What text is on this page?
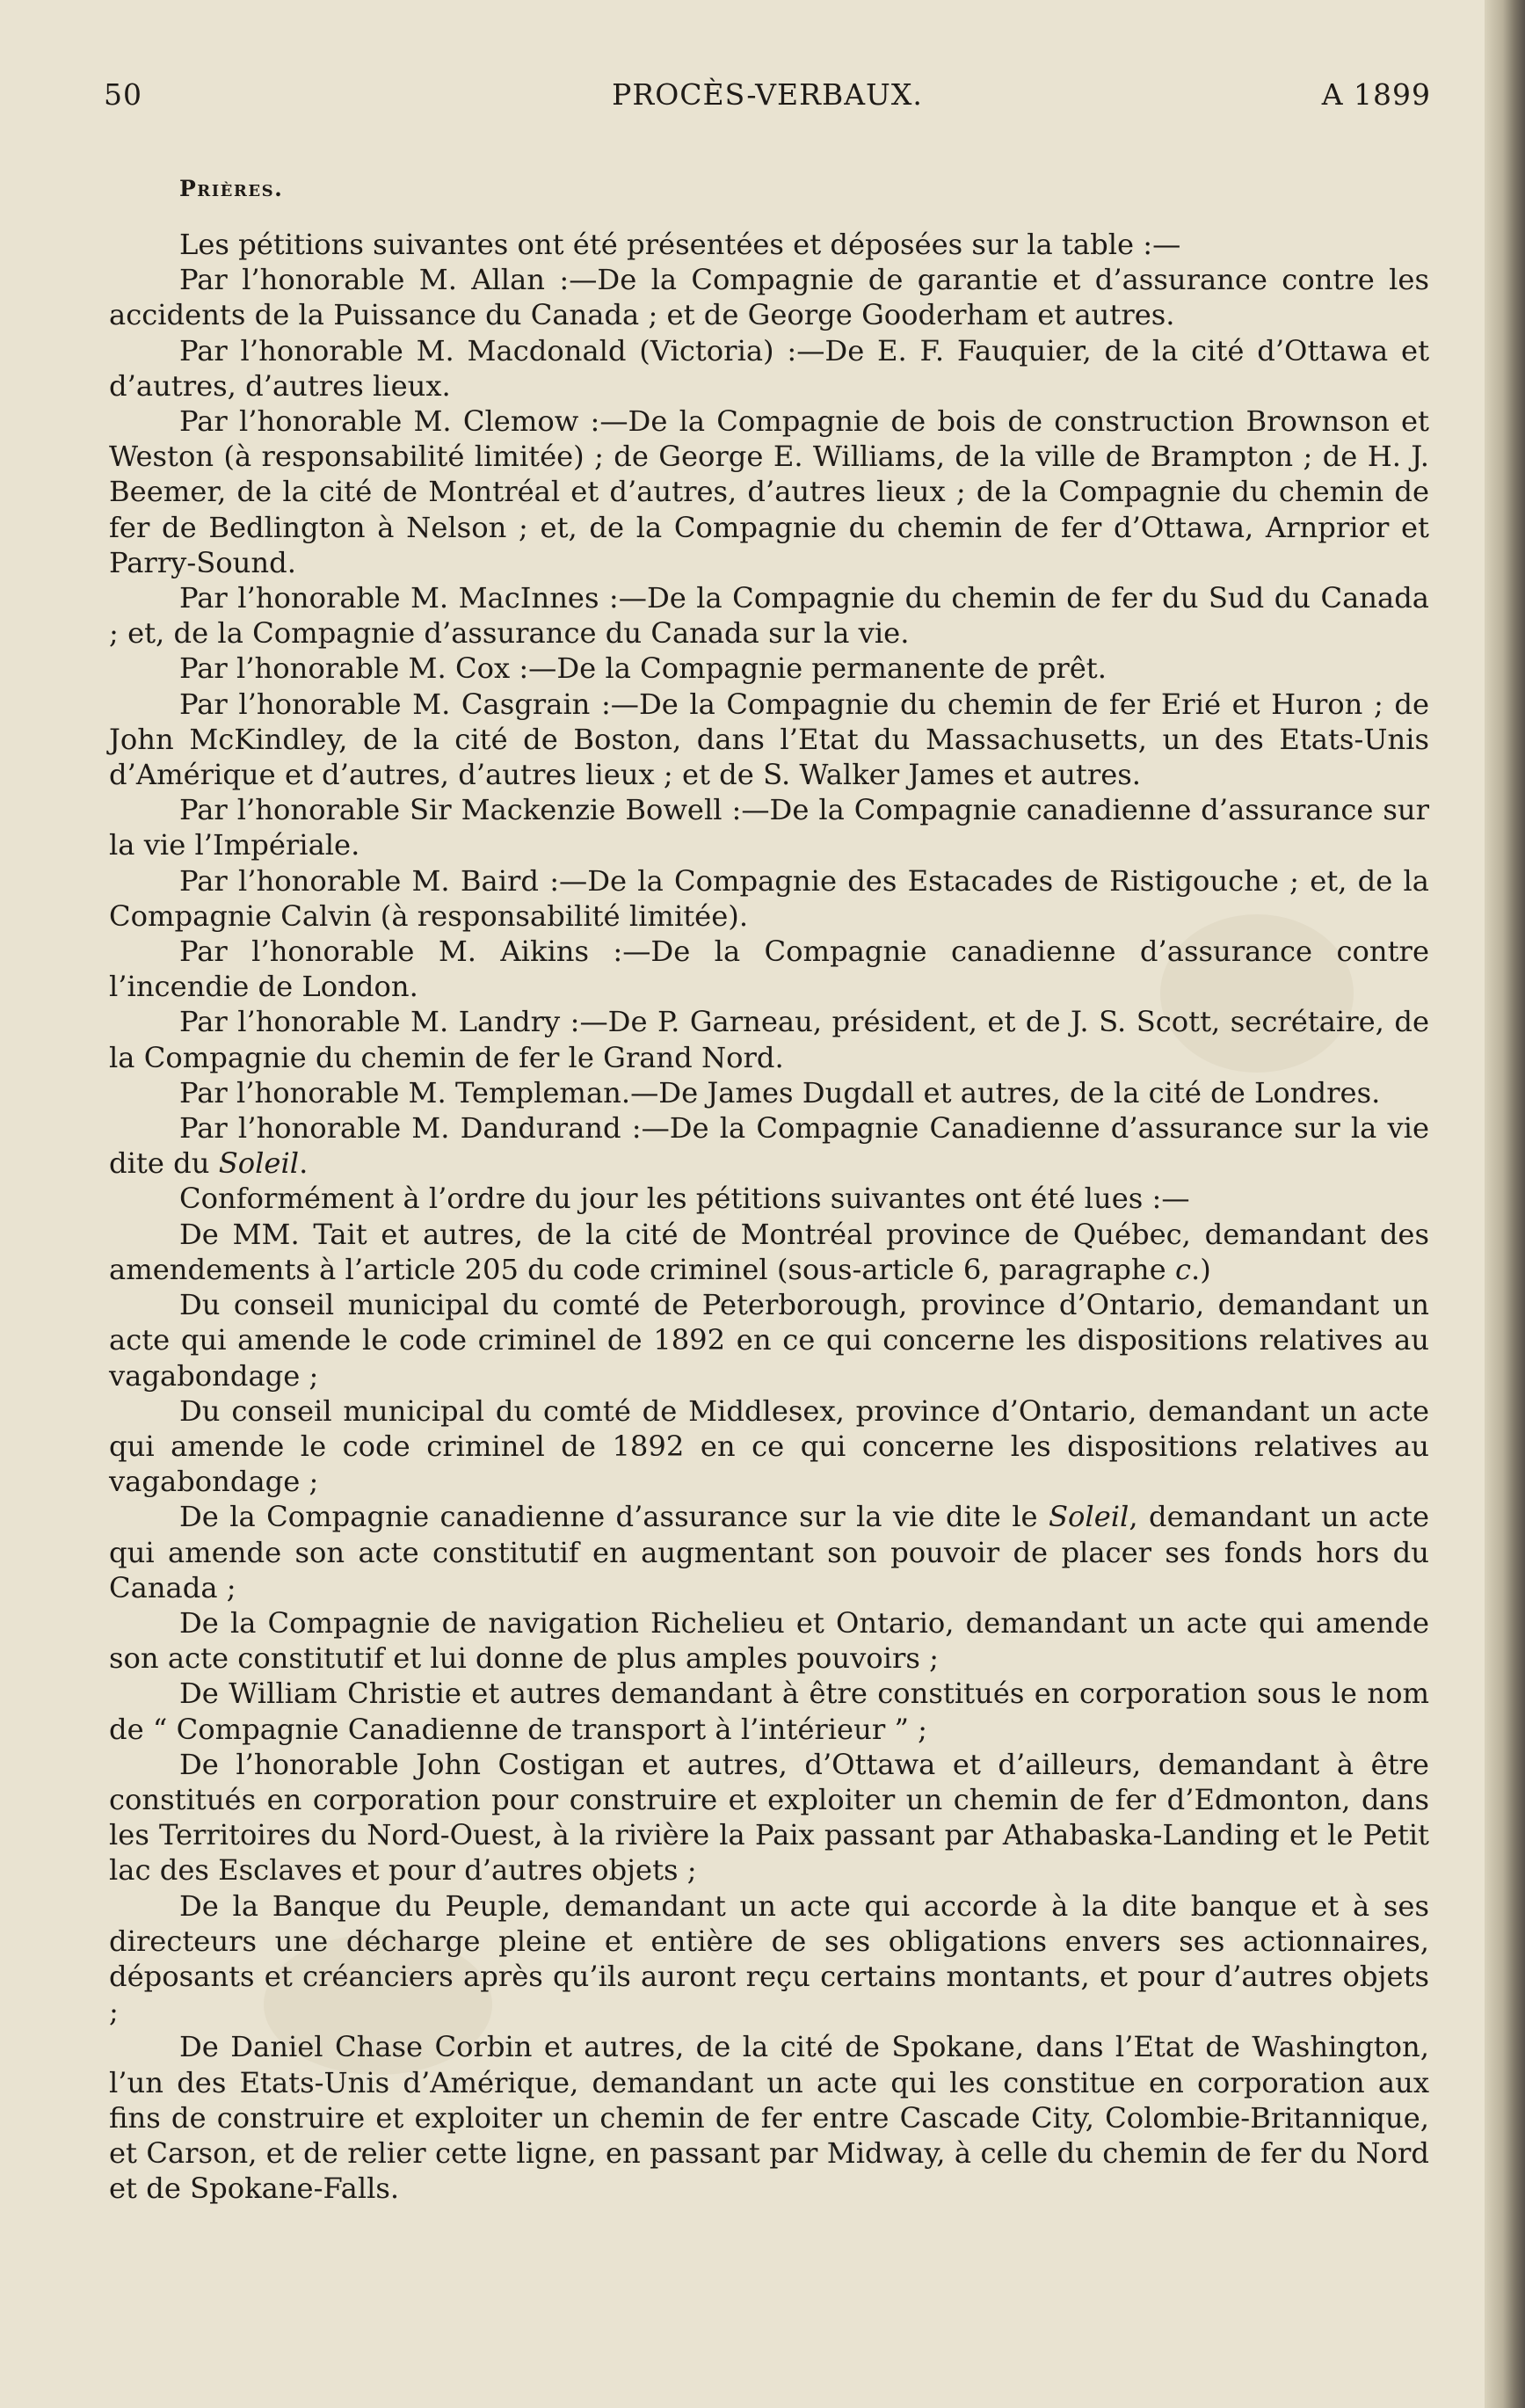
50	PROCÈS-VERBAUX.	A 1899
Prières.

Les pétitions suivantes ont été présentées et déposées sur la table :—

Par l’honorable M. Allan :—De la Compagnie de garantie et d’assurance contre les accidents de la Puissance du Canada ; et de George Gooderham et autres.

Par l’honorable M. Macdonald (Victoria) :—De E. F. Fauquier, de la cité d’Ottawa et d’autres, d’autres lieux.

Par l’honorable M. Clemow :—De la Compagnie de bois de construction Brownson et Weston (à responsabilité limitée) ; de George E. Williams, de la ville de Brampton ; de H. J. Beemer, de la cité de Montréal et d’autres, d’autres lieux ; de la Compagnie du chemin de fer de Bedlington à Nelson ; et, de la Compagnie du chemin de fer d’Ottawa, Arnprior et Parry-Sound.

Par l’honorable M. MacInnes :—De la Compagnie du chemin de fer du Sud du Canada ; et, de la Compagnie d’assurance du Canada sur la vie.

Par l’honorable M. Cox :—De la Compagnie permanente de prêt.

Par l’honorable M. Casgrain :—De la Compagnie du chemin de fer Erié et Huron ; de John McKindley, de la cité de Boston, dans l’Etat du Massachusetts, un des Etats-Unis d’Amérique et d’autres, d’autres lieux ; et de S. Walker James et autres.

Par l’honorable Sir Mackenzie Bowell :—De la Compagnie canadienne d’assurance sur la vie l’Impériale.

Par l’honorable M. Baird :—De la Compagnie des Estacades de Ristigouche ; et, de la Compagnie Calvin (à responsabilité limitée).

Par l’honorable M. Aikins :—De la Compagnie canadienne d’assurance contre l’incendie de London.

Par l’honorable M. Landry :—De P. Garneau, président, et de J. S. Scott, secrétaire, de la Compagnie du chemin de fer le Grand Nord.

Par l’honorable M. Templeman.—De James Dugdall et autres, de la cité de Londres.

Par l’honorable M. Dandurand :—De la Compagnie Canadienne d’assurance sur la vie dite du Soleil.

Conformément à l’ordre du jour les pétitions suivantes ont été lues :—

De MM. Tait et autres, de la cité de Montréal province de Québec, demandant des amendements à l’article 205 du code criminel (sous-article 6, paragraphe c.)

Du conseil municipal du comté de Peterborough, province d’Ontario, demandant un acte qui amende le code criminel de 1892 en ce qui concerne les dispositions relatives au vagabondage ;

Du conseil municipal du comté de Middlesex, province d’Ontario, demandant un acte qui amende le code criminel de 1892 en ce qui concerne les dispositions relatives au vagabondage ;

De la Compagnie canadienne d’assurance sur la vie dite le Soleil, demandant un acte qui amende son acte constitutif en augmentant son pouvoir de placer ses fonds hors du Canada ;

De la Compagnie de navigation Richelieu et Ontario, demandant un acte qui amende son acte constitutif et lui donne de plus amples pouvoirs ;

De William Christie et autres demandant à être constitués en corporation sous le nom de “ Compagnie Canadienne de transport à l’intérieur ” ;

De l’honorable John Costigan et autres, d’Ottawa et d’ailleurs, demandant à être constitués en corporation pour construire et exploiter un chemin de fer d’Edmonton, dans les Territoires du Nord-Ouest, à la rivière la Paix passant par Athabaska-Landing et le Petit lac des Esclaves et pour d’autres objets ;

De la Banque du Peuple, demandant un acte qui accorde à la dite banque et à ses directeurs une décharge pleine et entière de ses obligations envers ses actionnaires, déposants et créanciers après qu’ils auront reçu certains montants, et pour d’autres objets ;

De Daniel Chase Corbin et autres, de la cité de Spokane, dans l’Etat de Washington, l’un des Etats-Unis d’Amérique, demandant un acte qui les constitue en corporation aux fins de construire et exploiter un chemin de fer entre Cascade City, Colombie-Britannique, et Carson, et de relier cette ligne, en passant par Midway, à celle du chemin de fer du Nord et de Spokane-Falls.
